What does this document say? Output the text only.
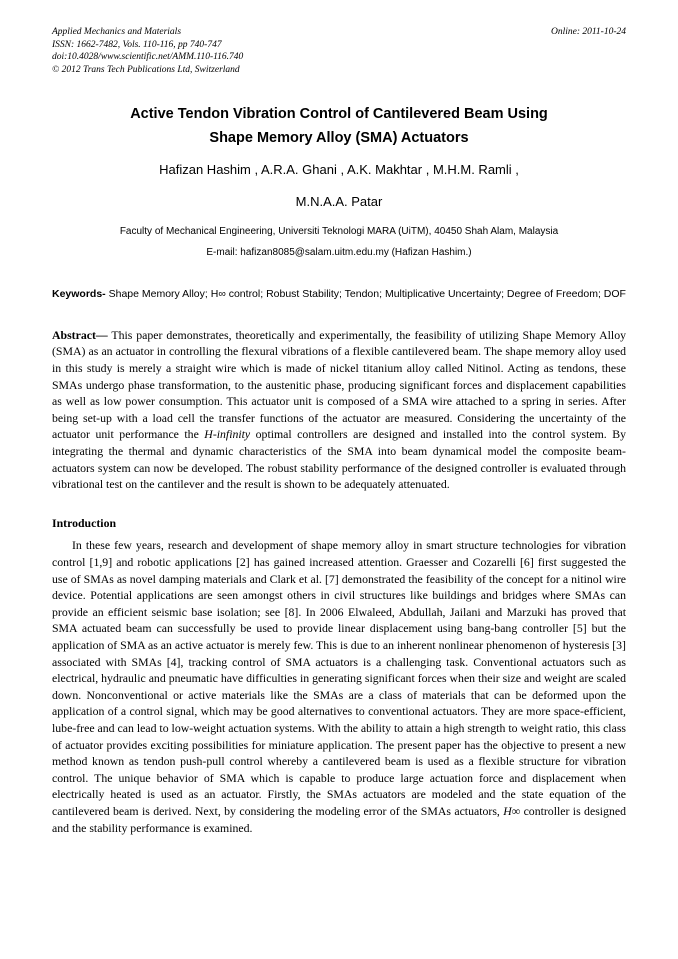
Applied Mechanics and Materials
ISSN: 1662-7482, Vols. 110-116, pp 740-747
doi:10.4028/www.scientific.net/AMM.110-116.740
© 2012 Trans Tech Publications Ltd, Switzerland
Online: 2011-10-24
Active Tendon Vibration Control of Cantilevered Beam Using
Shape Memory Alloy (SMA) Actuators
Hafizan Hashim , A.R.A. Ghani , A.K. Makhtar , M.H.M. Ramli ,
M.N.A.A. Patar
Faculty of Mechanical Engineering, Universiti Teknologi MARA (UiTM), 40450 Shah Alam, Malaysia
E-mail: hafizan8085@salam.uitm.edu.my (Hafizan Hashim.)
Keywords- Shape Memory Alloy; H∞ control; Robust Stability; Tendon; Multiplicative Uncertainty; Degree of Freedom; DOF
Abstract— This paper demonstrates, theoretically and experimentally, the feasibility of utilizing Shape Memory Alloy (SMA) as an actuator in controlling the flexural vibrations of a flexible cantilevered beam. The shape memory alloy used in this study is merely a straight wire which is made of nickel titanium alloy called Nitinol. Acting as tendons, these SMAs undergo phase transformation, to the austenitic phase, producing significant forces and displacement capabilities as well as low power consumption. This actuator unit is composed of a SMA wire attached to a spring in series. After being set-up with a load cell the transfer functions of the actuator are measured. Considering the uncertainty of the actuator unit performance the H-infinity optimal controllers are designed and installed into the control system. By integrating the thermal and dynamic characteristics of the SMA into beam dynamical model the composite beam-actuators system can now be developed. The robust stability performance of the designed controller is evaluated through vibrational test on the cantilever and the result is shown to be adequately attenuated.
Introduction
In these few years, research and development of shape memory alloy in smart structure technologies for vibration control [1,9] and robotic applications [2] has gained increased attention. Graesser and Cozarelli [6] first suggested the use of SMAs as novel damping materials and Clark et al. [7] demonstrated the feasibility of the concept for a nitinol wire device. Potential applications are seen amongst others in civil structures like buildings and bridges where SMAs can provide an efficient seismic base isolation; see [8]. In 2006 Elwaleed, Abdullah, Jailani and Marzuki has proved that SMA actuated beam can successfully be used to provide linear displacement using bang-bang controller [5] but the application of SMA as an active actuator is merely few. This is due to an inherent nonlinear phenomenon of hysteresis [3] associated with SMAs [4], tracking control of SMA actuators is a challenging task. Conventional actuators such as electrical, hydraulic and pneumatic have difficulties in generating significant forces when their size and weight are scaled down. Nonconventional or active materials like the SMAs are a class of materials that can be deformed upon the application of a control signal, which may be good alternatives to conventional actuators. They are more space-efficient, lube-free and can lead to low-weight actuation systems. With the ability to attain a high strength to weight ratio, this class of actuator provides exciting possibilities for miniature application. The present paper has the objective to present a new method known as tendon push-pull control whereby a cantilevered beam is used as a flexible structure for vibration control. The unique behavior of SMA which is capable to produce large actuation force and displacement when electrically heated is used as an actuator. Firstly, the SMAs actuators are modeled and the state equation of the cantilevered beam is derived. Next, by considering the modeling error of the SMAs actuators, H∞ controller is designed and the stability performance is examined.
